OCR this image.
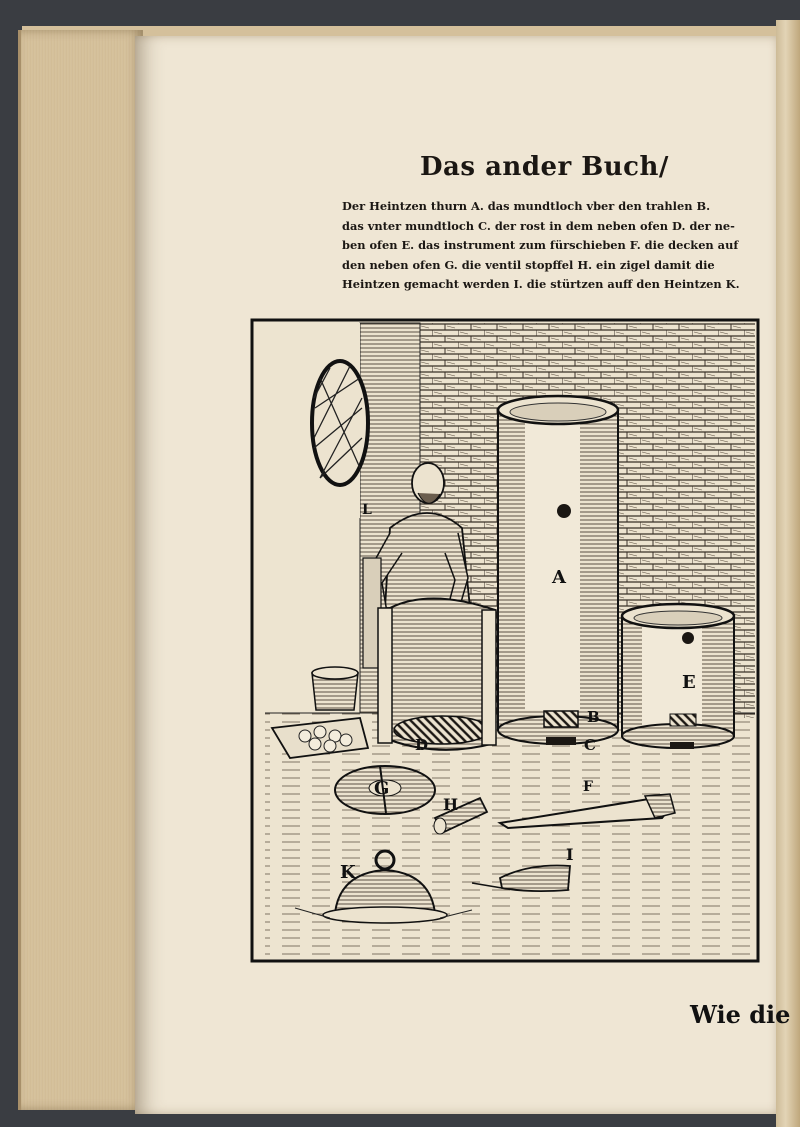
Das ander Buch/
Der Heintzen thurn A. das mundtloch vber den trahlen B.
das vnter mundtloch C. der rost in dem neben ofen D. der ne-
ben ofen E. das instrument zum fürschieben F. die decken auf
den neben ofen G. die ventil stopffel H. ein zigel damit die
Heintzen gemacht werden I. die stürtzen auff den Heintzen K.
A
B
C
D
E
F
G
H
I
K
L
Wie die
